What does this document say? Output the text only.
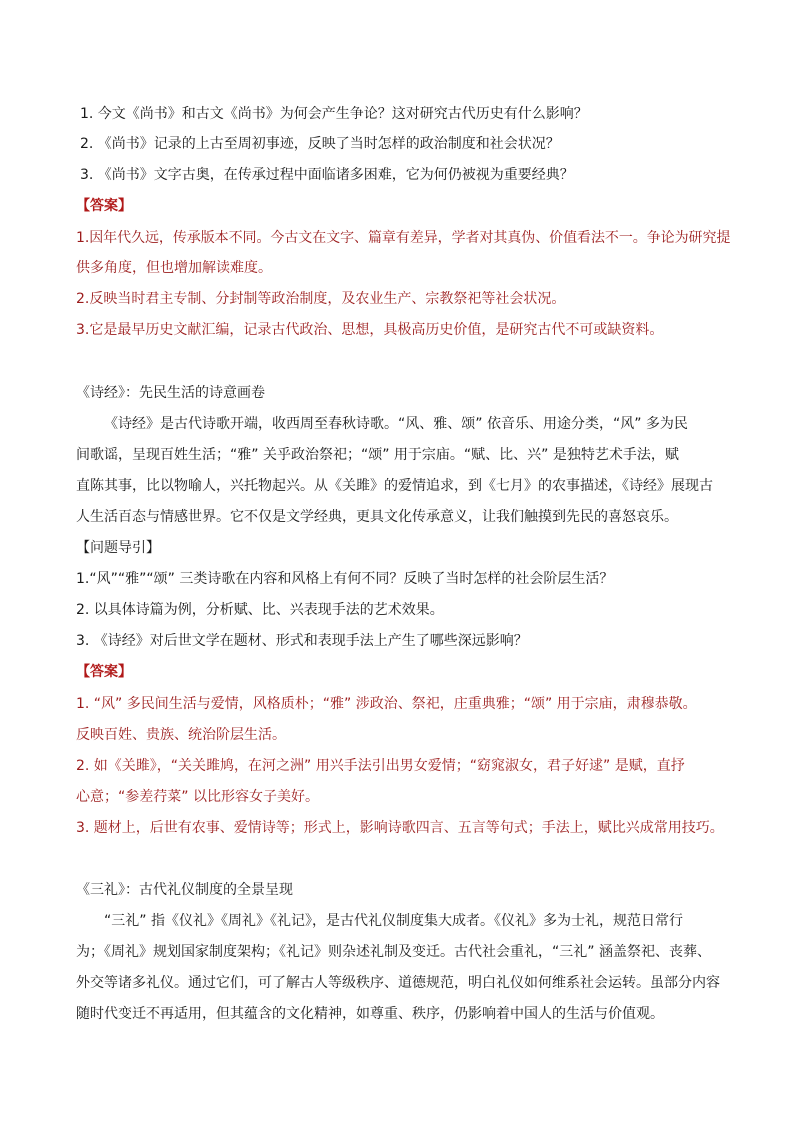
1. 今文《尚书》和古文《尚书》为何会产生争论？这对研究古代历史有什么影响？
2. 《尚书》记录的上古至周初事迹，反映了当时怎样的政治制度和社会状况？
3. 《尚书》文字古奥，在传承过程中面临诸多困难，它为何仍被视为重要经典？
【答案】
1.因年代久远，传承版本不同。今古文在文字、篇章有差异，学者对其真伪、价值看法不一。争论为研究提
供多角度，但也增加解读难度。
2.反映当时君主专制、分封制等政治制度，及农业生产、宗教祭祀等社会状况。
3.它是最早历史文献汇编，记录古代政治、思想，具极高历史价值，是研究古代不可或缺资料。
《诗经》：先民生活的诗意画卷
《诗经》是古代诗歌开端，收西周至春秋诗歌。“风、雅、颂” 依音乐、用途分类，“风” 多为民
间歌谣，呈现百姓生活；“雅” 关乎政治祭祀；“颂” 用于宗庙。“赋、比、兴” 是独特艺术手法，赋
直陈其事，比以物喻人，兴托物起兴。从《关雎》的爱情追求，到《七月》的农事描述，《诗经》展现古
人生活百态与情感世界。它不仅是文学经典，更具文化传承意义，让我们触摸到先民的喜怒哀乐。
【问题导引】
1.“风”“雅”“颂” 三类诗歌在内容和风格上有何不同？反映了当时怎样的社会阶层生活？
2. 以具体诗篇为例，分析赋、比、兴表现手法的艺术效果。
3. 《诗经》对后世文学在题材、形式和表现手法上产生了哪些深远影响？
【答案】
1. “风” 多民间生活与爱情，风格质朴；“雅” 涉政治、祭祀，庄重典雅；“颂” 用于宗庙，肃穆恭敬。
反映百姓、贵族、统治阶层生活。
2. 如《关雎》，“关关雎鸠，在河之洲” 用兴手法引出男女爱情；“窈窕淑女，君子好逑” 是赋，直抒
心意；“参差荇菜” 以比形容女子美好。
3. 题材上，后世有农事、爱情诗等；形式上，影响诗歌四言、五言等句式；手法上，赋比兴成常用技巧。
《三礼》：古代礼仪制度的全景呈现
“三礼” 指《仪礼》《周礼》《礼记》，是古代礼仪制度集大成者。《仪礼》多为士礼，规范日常行
为；《周礼》规划国家制度架构；《礼记》则杂述礼制及变迁。古代社会重礼，“三礼” 涵盖祭祀、丧葬、
外交等诸多礼仪。通过它们，可了解古人等级秩序、道德规范，明白礼仪如何维系社会运转。虽部分内容
随时代变迁不再适用，但其蕴含的文化精神，如尊重、秩序，仍影响着中国人的生活与价值观。
